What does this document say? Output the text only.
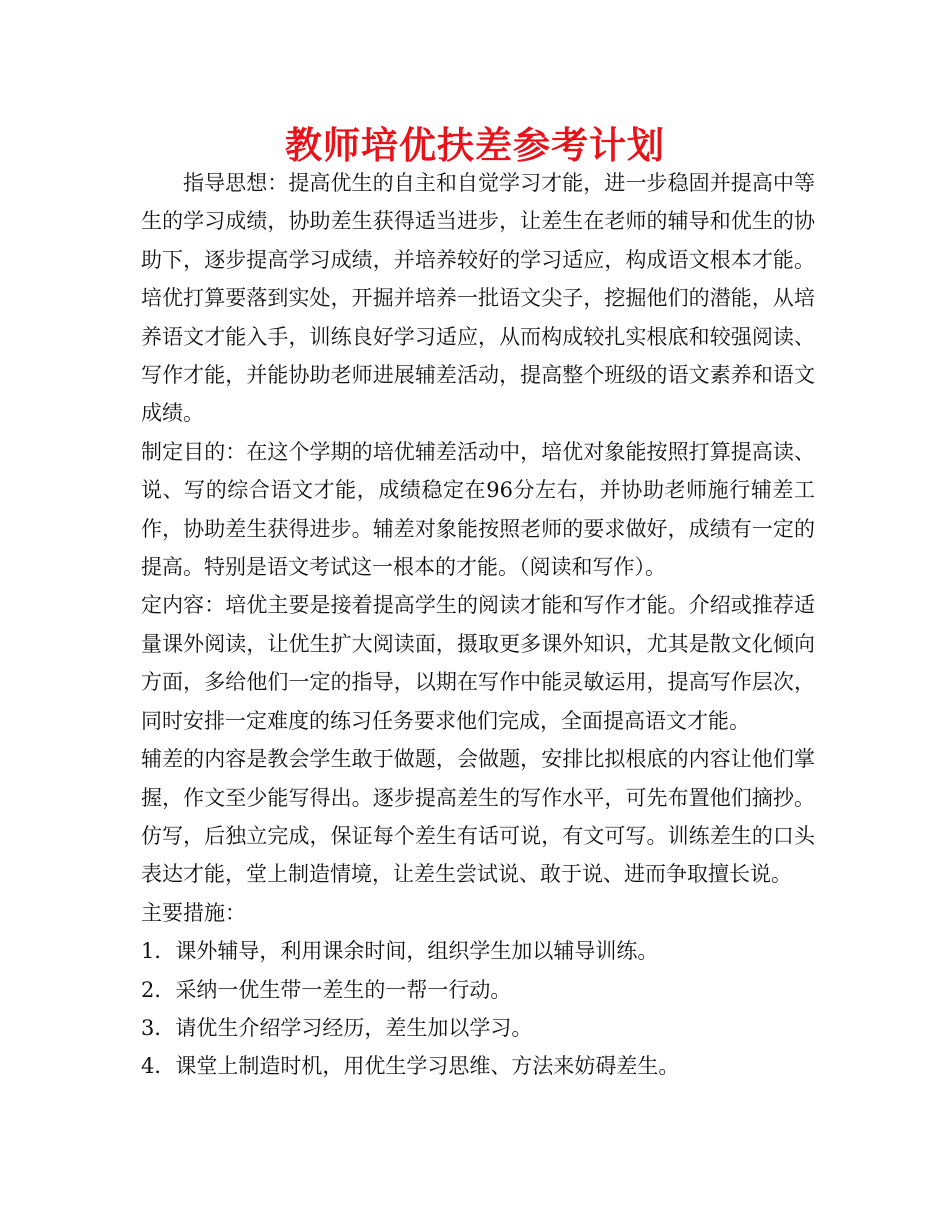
教师培优扶差参考计划

指导思想：提高优生的自主和自觉学习才能，进一步稳固并提高中等生的学习成绩，协助差生获得适当进步，让差生在老师的辅导和优生的协助下，逐步提高学习成绩，并培养较好的学习适应，构成语文根本才能。培优打算要落到实处，开掘并培养一批语文尖子，挖掘他们的潜能，从培养语文才能入手，训练良好学习适应，从而构成较扎实根底和较强阅读、写作才能，并能协助老师进展辅差活动，提高整个班级的语文素养和语文成绩。

制定目的：在这个学期的培优辅差活动中，培优对象能按照打算提高读、说、写的综合语文才能，成绩稳定在96分左右，并协助老师施行辅差工作，协助差生获得进步。辅差对象能按照老师的要求做好，成绩有一定的提高。特别是语文考试这一根本的才能。（阅读和写作）。

定内容：培优主要是接着提高学生的阅读才能和写作才能。介绍或推荐适量课外阅读，让优生扩大阅读面，摄取更多课外知识，尤其是散文化倾向方面，多给他们一定的指导，以期在写作中能灵敏运用，提高写作层次，同时安排一定难度的练习任务要求他们完成，全面提高语文才能。

辅差的内容是教会学生敢于做题，会做题，安排比拟根底的内容让他们掌握，作文至少能写得出。逐步提高差生的写作水平，可先布置他们摘抄。仿写，后独立完成，保证每个差生有话可说，有文可写。训练差生的口头表达才能，堂上制造情境，让差生尝试说、敢于说、进而争取擅长说。

主要措施：

1．课外辅导，利用课余时间，组织学生加以辅导训练。

2．采纳一优生带一差生的一帮一行动。

3．请优生介绍学习经历，差生加以学习。

4．课堂上制造时机，用优生学习思维、方法来妨碍差生。
